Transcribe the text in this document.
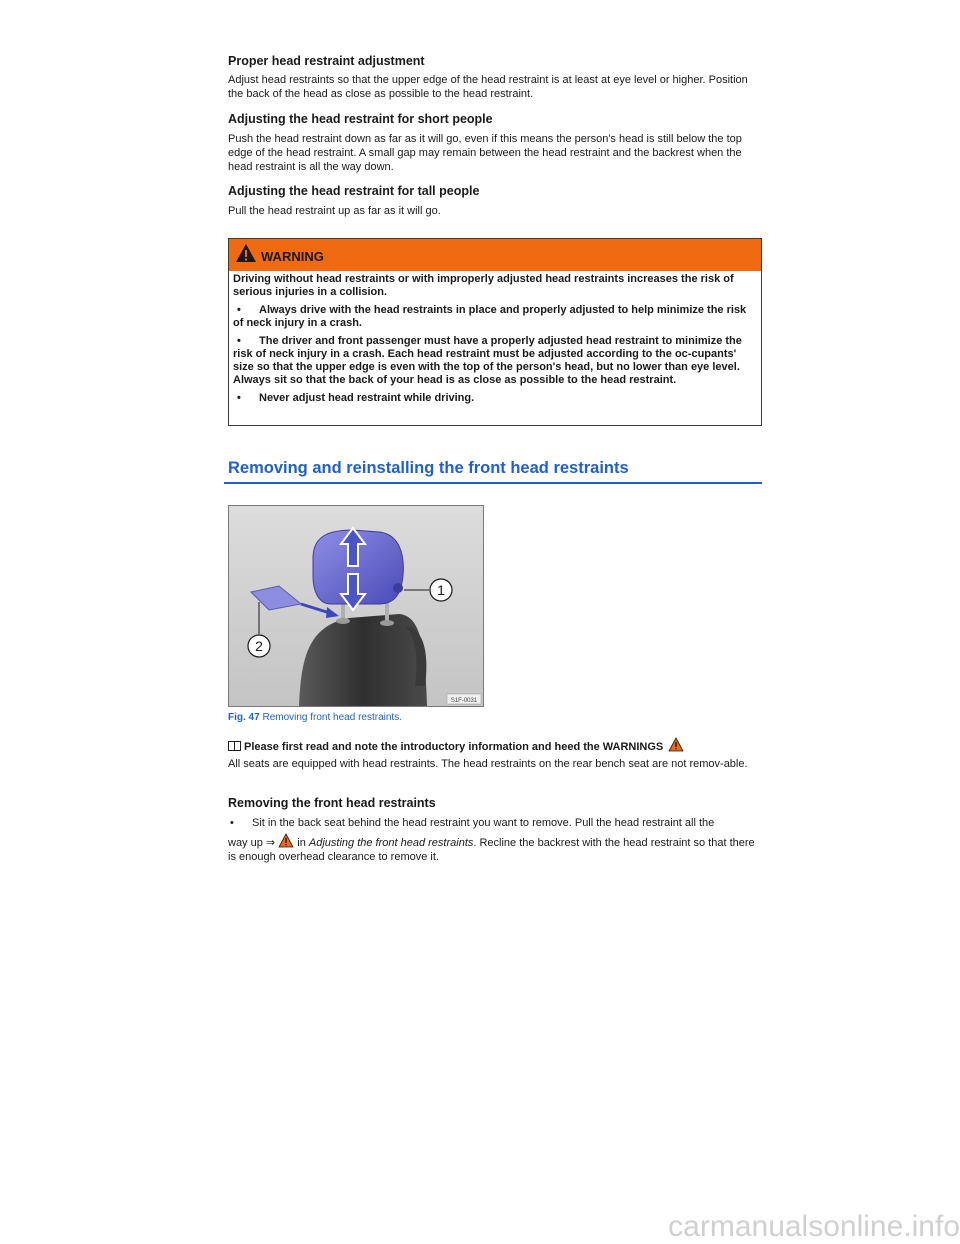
Proper head restraint adjustment

Adjust head restraints so that the upper edge of the head restraint is at least at eye level or higher. Position the back of the head as close as possible to the head restraint.

Adjusting the head restraint for short people

Push the head restraint down as far as it will go, even if this means the person's head is still below the top edge of the head restraint. A small gap may remain between the head restraint and the backrest when the head restraint is all the way down.

Adjusting the head restraint for tall people

Pull the head restraint up as far as it will go.

WARNING
Driving without head restraints or with improperly adjusted head restraints increases the risk of serious injuries in a collision.
• Always drive with the head restraints in place and properly adjusted to help minimize the risk of neck injury in a crash.
• The driver and front passenger must have a properly adjusted head restraint to minimize the risk of neck injury in a crash. Each head restraint must be adjusted according to the oc-cupants' size so that the upper edge is even with the top of the person's head, but no lower than eye level. Always sit so that the back of your head is as close as possible to the head restraint.
• Never adjust head restraint while driving.
Removing and reinstalling the front head restraints
1
2
S1F-0031
Fig. 47 Removing front head restraints.
Please first read and note the introductory information and heed the WARNINGS

All seats are equipped with head restraints. The head restraints on the rear bench seat are not remov-able.

Removing the front head restraints
• Sit in the back seat behind the head restraint you want to remove. Pull the head restraint all the
way up ⇒ in Adjusting the front head restraints. Recline the backrest with the head restraint so that there is enough overhead clearance to remove it.
carmanualsonline.info
